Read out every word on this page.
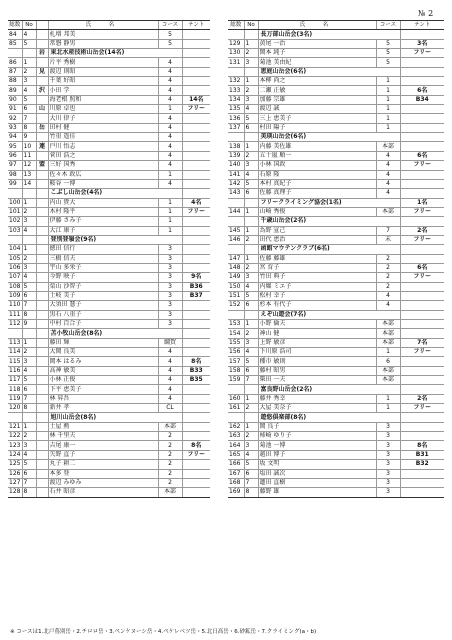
№ 2
総数	No		氏　名	コース	テント
84	4		札増 邦美	5	
85	5		常磐 静男	5	
		岩	東北水産技術山岳会(14名)		
86	1		片平 秀樹	4	
87	2	見	渡辺 則昭	4	
88	3		千葉 好昭	4	
89	4	沢	小田 学	4	
90	5		海老根 照和	4	14名
91	6	山	川原 卓也	1	フリー
92	7		大川 律子	4	
93	8	岳	田村 健	4	
94	9		竹重 遥佳	4	
95	10	連	戸川 悟志	4	
96	11		菅田 浩之	4	
97	12	盟	三好 国秀	4	
98	13		佐々木 政広	1	
99	14		鞍谷 一博	4	
			こぶし山岳会(4名)		
100	1		内山 貴大	1	4名
101	2		木村 隆平	1	フリー
102	3		伊藤 さみ子	1	
103	4		大江 康子	1	
			登別登嶺会(9名)		
104	1		徳田 信行	3	
105	2		三橋 信夫	3	
106	3		宇山 多栄子	3	
107	4		今野 映子	3	9名
108	5		栗山 沙智子	3	B36
109	6		土岐 美子	3	B37
110	7		大須田 慧子	3	
111	8		黒石 八重子	3	
112	9		中村 百合子	3	
			苫小牧山岳会(8名)		
113	1		藤田 輝	綱賀	
114	2		大岡 良美	4	
115	3		岡本 はるみ	4	8名
116	4		高神 敏美	4	B33
117	5		小林 正俊	4	B35
118	6		下平 恵美子	4	
119	7		林 昇吾	4	
120	8		新井 孝	CL	
			旭川山岳会(8名)		
121	1		土屋 勲	本部	
122	2		林 千里夫	2	
123	3		吉尾 康一	2	8名
124	4		矢野 直子	2	フリー
125	5		丸子 耕二	2	
126	6		本多 登	2	
127	7		渡辺 みゆみ	2	
128	8		石井 昭彦	本部	
総数	No	氏　名	コース	テント
		長万部山岳会(3名)		
129	1	黄尾 一治	5	3名
130	2	岡本 純子	5	フリー
131	3	菊池 美由紀	5	
		恵庭山岳会(6名)		
132	1	本柳 尚之	1	
133	2	二瀬 正敏	1	6名
134	3	加藤 宗雄	1	B34
135	4	渡辺 誠	1	
136	5	三上 恵美子	1	
137	6	村田 陽子	1	
		美瑛山岳会(6名)		
138	1	内藤 美佐雄	本部	
139	2	五十嵐 順一	4	6名
140	3	小林 国政	4	フリー
141	4	石原 隆	4	
142	5	本村 真紀子	4	
143	6	佐藤 真理子	4	
		フリークライミング協会(1名)		1名
144	1	山崎 秀俊	本部	フリー
		千歳山岳会(2名)		
145	1	為野 宣己	7	2名
146	2	田代 恵治	末	フリー
		函館マウテンクラブ(6名)		
147	1	佐藤 藤雄	2	
148	2	宮 育子	2	6名
149	3	竹田 典子	2	フリー
150	4	内堀 ミエ子	2	
151	5	松村 幸子	4	
152	6	杉本 有代子	4	
		えぞ山遊会(7名)		
153	1	小野 倫夫	本部	
154	2	神山 健	本部	
155	3	上野 敏彦	本部	7名
156	4	下川原 浩司	1	フリー
157	5	種市 敏則	6	
158	6	藤村 昭男	本部	
159	7	柴田 一夫	本部	
		富良野山岳会(2名)		
160	1	藤井 秀幸	1	2名
161	2	大屋 美奈子	1	フリー
		遊悠倶楽部(8名)		
162	1	岡 良子	3	
163	2	柿崎 ゆり子	3	
164	3	菊池 一博	3	8名
165	4	越田 博子	3	B31
166	5	坂 文明	3	B32
167	6	塩田 誠次	3	
168	7	蓮田 直樹	3	
169	8	藤野 雄	3	
※ コースは1.北戸蔦別岳・2.チロロ岳・3.ペンケヌーシ岳・4.ペケレベツ岳・5.北日高岳・6.砂鉱岳・7.クライミング(a・b)
